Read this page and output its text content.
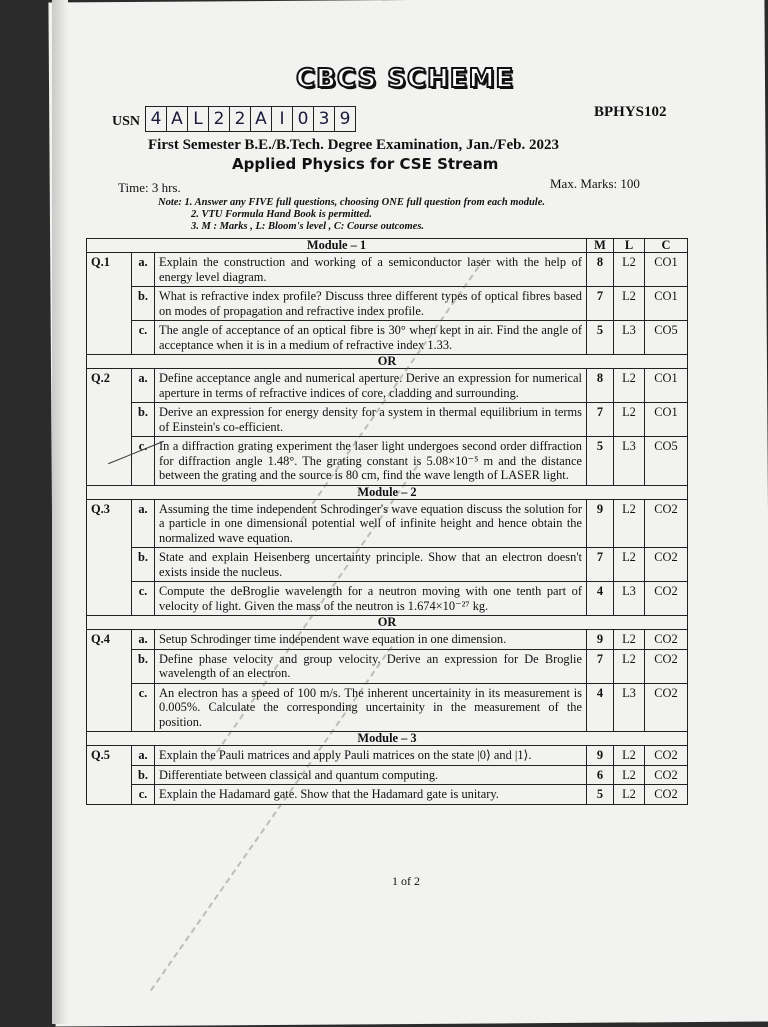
CBCS SCHEME
BPHYS102
USN 4 A L 2 2 A I 0 3 9
First Semester B.E./B.Tech. Degree Examination, Jan./Feb. 2023
Applied Physics for CSE Stream
Time: 3 hrs.	Max. Marks: 100
Note: 1. Answer any FIVE full questions, choosing ONE full question from each module.
2. VTU Formula Hand Book is permitted.
3. M : Marks , L: Bloom's level , C: Course outcomes.
Module – 1			M	L	C
Q.1	a.	Explain the construction and working of a semiconductor laser with the help of energy level diagram.	8	L2	CO1
	b.	What is refractive index profile? Discuss three different types of optical fibres based on modes of propagation and refractive index profile.	7	L2	CO1
	c.	The angle of acceptance of an optical fibre is 30° when kept in air. Find the angle of acceptance when it is in a medium of refractive index 1.33.	5	L3	CO5
OR					
Q.2	a.	Define acceptance angle and numerical aperture. Derive an expression for numerical aperture in terms of refractive indices of core, cladding and surrounding.	8	L2	CO1
	b.	Derive an expression for energy density for a system in thermal equilibrium in terms of Einstein's co-efficient.	7	L2	CO1
	c.	In a diffraction grating experiment the laser light undergoes second order diffraction for diffraction angle 1.48°. The grating constant is 5.08×10⁻⁵ m and the distance between the grating and the source is 80 cm, find the wave length of LASER light.	5	L3	CO5
Module – 2					
Q.3	a.	Assuming the time independent Schrodinger's wave equation discuss the solution for a particle in one dimensional potential well of infinite height and hence obtain the normalized wave equation.	9	L2	CO2
	b.	State and explain Heisenberg uncertainty principle. Show that an electron doesn't exists inside the nucleus.	7	L2	CO2
	c.	Compute the deBroglie wavelength for a neutron moving with one tenth part of velocity of light. Given the mass of the neutron is 1.674×10⁻²⁷ kg.	4	L3	CO2
OR					
Q.4	a.	Setup Schrodinger time independent wave equation in one dimension.	9	L2	CO2
	b.	Define phase velocity and group velocity. Derive an expression for De Broglie wavelength of an electron.	7	L2	CO2
	c.	An electron has a speed of 100 m/s. The inherent uncertainity in its measurement is 0.005%. Calculate the corresponding uncertainity in the measurement of the position.	4	L3	CO2
Module – 3					
Q.5	a.	Explain the Pauli matrices and apply Pauli matrices on the state |0⟩ and |1⟩.	9	L2	CO2
	b.	Differentiate between classical and quantum computing.	6	L2	CO2
	c.	Explain the Hadamard gate. Show that the Hadamard gate is unitary.	5	L2	CO2
1 of 2
